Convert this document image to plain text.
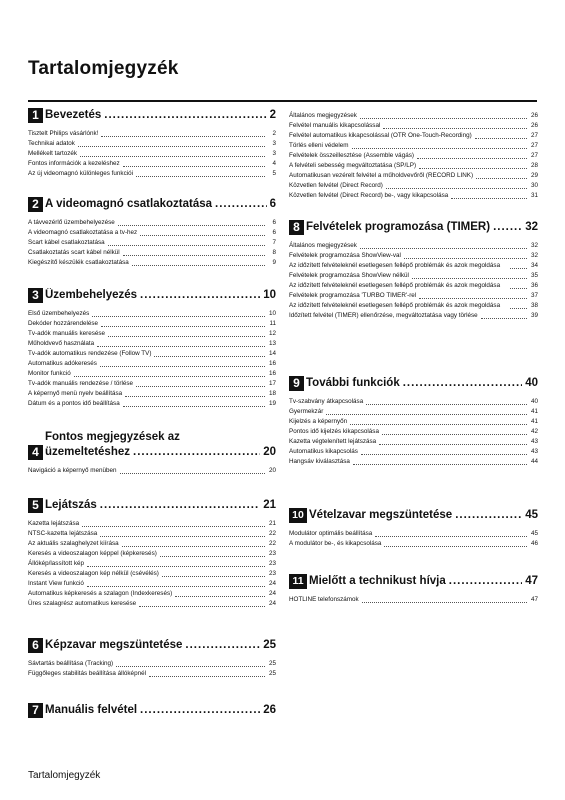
Tartalomjegyzék
1 Bevezetés .....	2
Tisztelt Philips vásárlónk!	2
Technikai adatok	3
Mellékelt tartozék	3
Fontos információk a kezeléshez	4
Az új videomagnó különleges funkciói	5
2 A videomagnó csatlakoztatása .....	6
A távvezérlő üzembehelyezése	6
A videomagnó csatlakoztatása a tv-hez	6
Scart kábel csatlakoztatása	7
Csatlakoztatás scart kábel nélkül	8
Kiegészítő készülék csatlakoztatása	9
3 Üzembehelyezés .....	10
Első üzembehelyezés	10
Dekóder hozzárendelése	11
Tv-adók manuális keresése	12
Műholdvevő használata	13
Tv-adók automatikus rendezése (Follow TV)	14
Automatikus adókeresés	16
Monitor funkció	16
Tv-adók manuális rendezése / törlése	17
A képernyő menü nyelv beállítása	18
Dátum és a pontos idő beállítása	19
4
Fontos megjegyzések az
üzemeltetéshez .....	20
Navigáció a képernyő menüben	20
5 Lejátszás .....	21
Kazetta lejátszása	21
NTSC-kazetta lejátszása	22
Az aktuális szalaghelyzet kiírása	22
Keresés a videoszalagon képpel (képkeresés)	23
Állókép/lassított kép	23
Keresés a videoszalagon kép nélkül (csévélés)	23
Instant View funkció	24
Automatikus képkeresés a szalagon (Indexkeresés)	24
Üres szalagrész automatikus keresése	24
6 Képzavar megszüntetése .....	25
Sávtartás beállítása (Tracking)	25
Függőleges stabilitás beállítása állóképnél	25
7 Manuális felvétel .....	26
Általános megjegyzések	26
Felvétel manuális kikapcsolással	26
Felvétel automatikus kikapcsolással (OTR One-Touch-Recording)	27
Törlés elleni védelem	27
Felvételek összeillesztése (Assemble vágás)	27
A felvételi sebesség megváltoztatása (SP/LP)	28
Automatikusan vezérelt felvétel a műholdvevőről (RECORD LINK)	29
Közvetlen felvétel (Direct Record)	30
Közvetlen felvétel (Direct Record) be-, vagy kikapcsolása	31
8 Felvételek programozása (TIMER) .....	32
Általános megjegyzések	32
Felvételek programozása ShowView-val	32
Az időzített felvételeknél esetlegesen fellépő problémák és azok megoldása	34
Felvételek programozása ShowView nélkül	35
Az időzített felvételeknél esetlegesen fellépő problémák és azok megoldása	36
Felvételek programozása 'TURBO TIMER'-rel	37
Az időzített felvételeknél esetlegesen fellépő problémák és azok megoldása	38
Időzített felvétel (TIMER) ellenőrzése, megváltoztatása vagy törlése	39
9 További funkciók .....	40
Tv-szabvány átkapcsolása	40
Gyermekzár	41
Kijelzés a képernyőn	41
Pontos idő kijelzés kikapcsolása	42
Kazetta végtelenített lejátszása	43
Automatikus kikapcsolás	43
Hangsáv kiválasztása	44
10 Vételzavar megszüntetése .....	45
Modulátor optimális beállítása	45
A modulátor be-, és kikapcsolása	46
11 Mielőtt a technikust hívja .....	47
HOTLINE telefonszámok	47
Tartalomjegyzék
